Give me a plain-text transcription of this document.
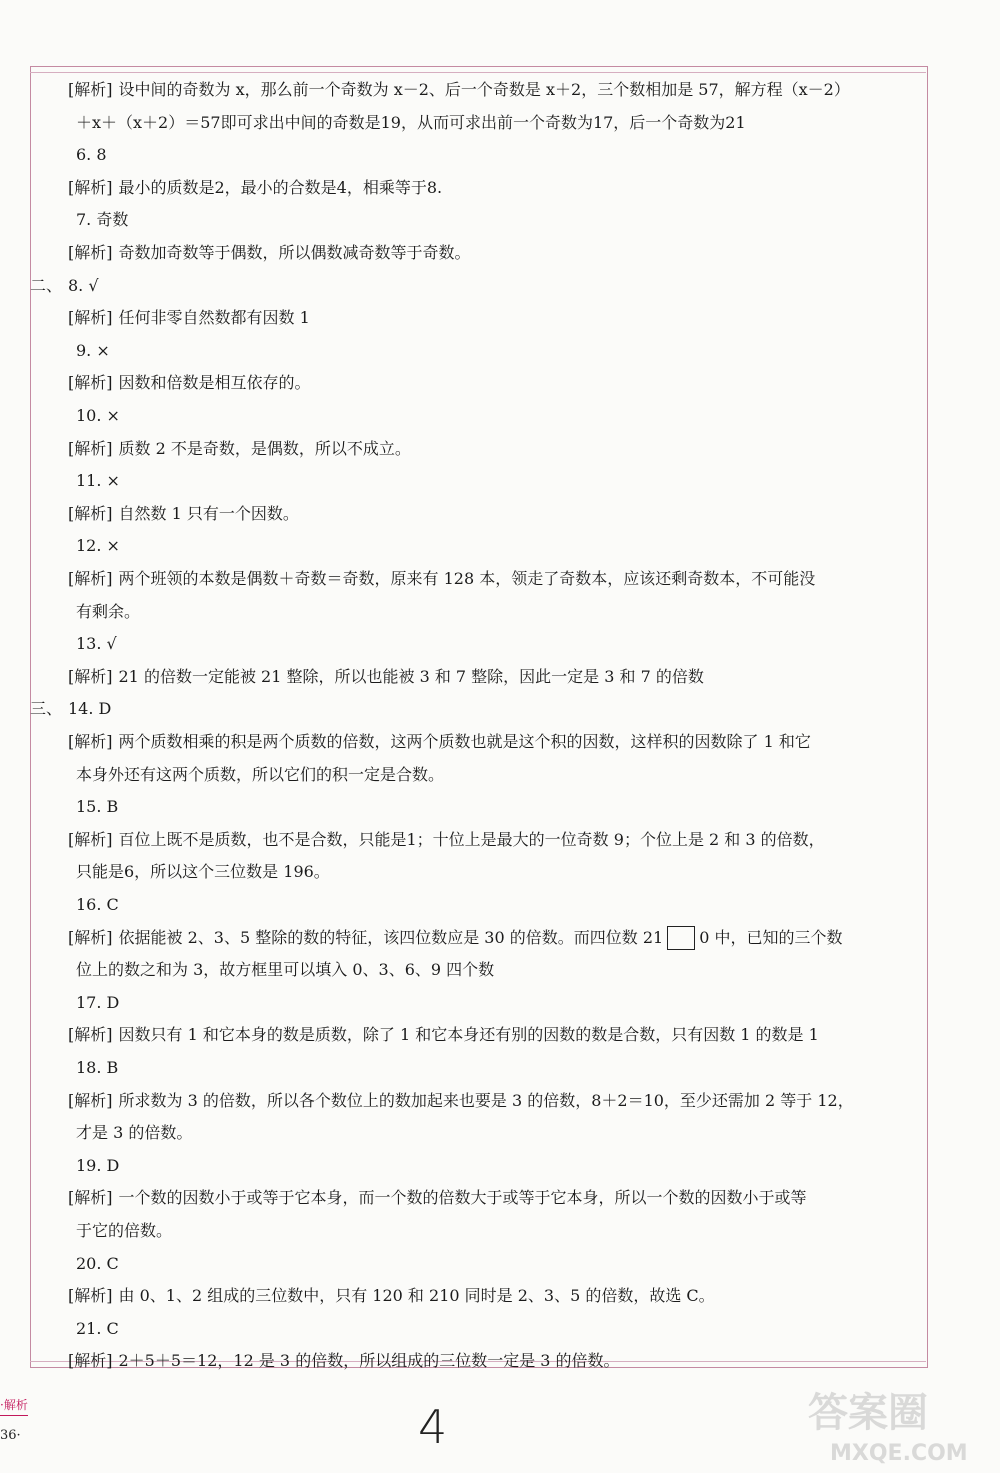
[解析] 设中间的奇数为 x，那么前一个奇数为 x－2、后一个奇数是 x＋2，三个数相加是 57，解方程（x－2）
＋x＋（x＋2）＝57即可求出中间的奇数是19，从而可求出前一个奇数为17，后一个奇数为21
6. 8
[解析] 最小的质数是2，最小的合数是4，相乘等于8.
7. 奇数
[解析] 奇数加奇数等于偶数，所以偶数减奇数等于奇数。
二、 8. √
[解析] 任何非零自然数都有因数 1
9. ×
[解析] 因数和倍数是相互依存的。
10. ×
[解析] 质数 2 不是奇数，是偶数，所以不成立。
11. ×
[解析] 自然数 1 只有一个因数。
12. ×
[解析] 两个班领的本数是偶数＋奇数＝奇数，原来有 128 本，领走了奇数本，应该还剩奇数本，不可能没
有剩余。
13. √
[解析] 21 的倍数一定能被 21 整除，所以也能被 3 和 7 整除，因此一定是 3 和 7 的倍数
三、 14. D
[解析] 两个质数相乘的积是两个质数的倍数，这两个质数也就是这个积的因数，这样积的因数除了 1 和它
本身外还有这两个质数，所以它们的积一定是合数。
15. B
[解析] 百位上既不是质数，也不是合数，只能是1；十位上是最大的一位奇数 9；个位上是 2 和 3 的倍数，
只能是6，所以这个三位数是 196。
16. C
[解析] 依据能被 2、3、5 整除的数的特征，该四位数应是 30 的倍数。而四位数 21 0 中，已知的三个数
位上的数之和为 3，故方框里可以填入 0、3、6、9 四个数
17. D
[解析] 因数只有 1 和它本身的数是质数，除了 1 和它本身还有别的因数的数是合数，只有因数 1 的数是 1
18. B
[解析] 所求数为 3 的倍数，所以各个数位上的数加起来也要是 3 的倍数，8＋2＝10，至少还需加 2 等于 12，
才是 3 的倍数。
19. D
[解析] 一个数的因数小于或等于它本身，而一个数的倍数大于或等于它本身，所以一个数的因数小于或等
于它的倍数。
20. C
[解析] 由 0、1、2 组成的三位数中，只有 120 和 210 同时是 2、3、5 的倍数，故选 C。
21. C
[解析] 2＋5＋5＝12，12 是 3 的倍数，所以组成的三位数一定是 3 的倍数。
·解析
36·	4	答案圈
MXQE.COM
